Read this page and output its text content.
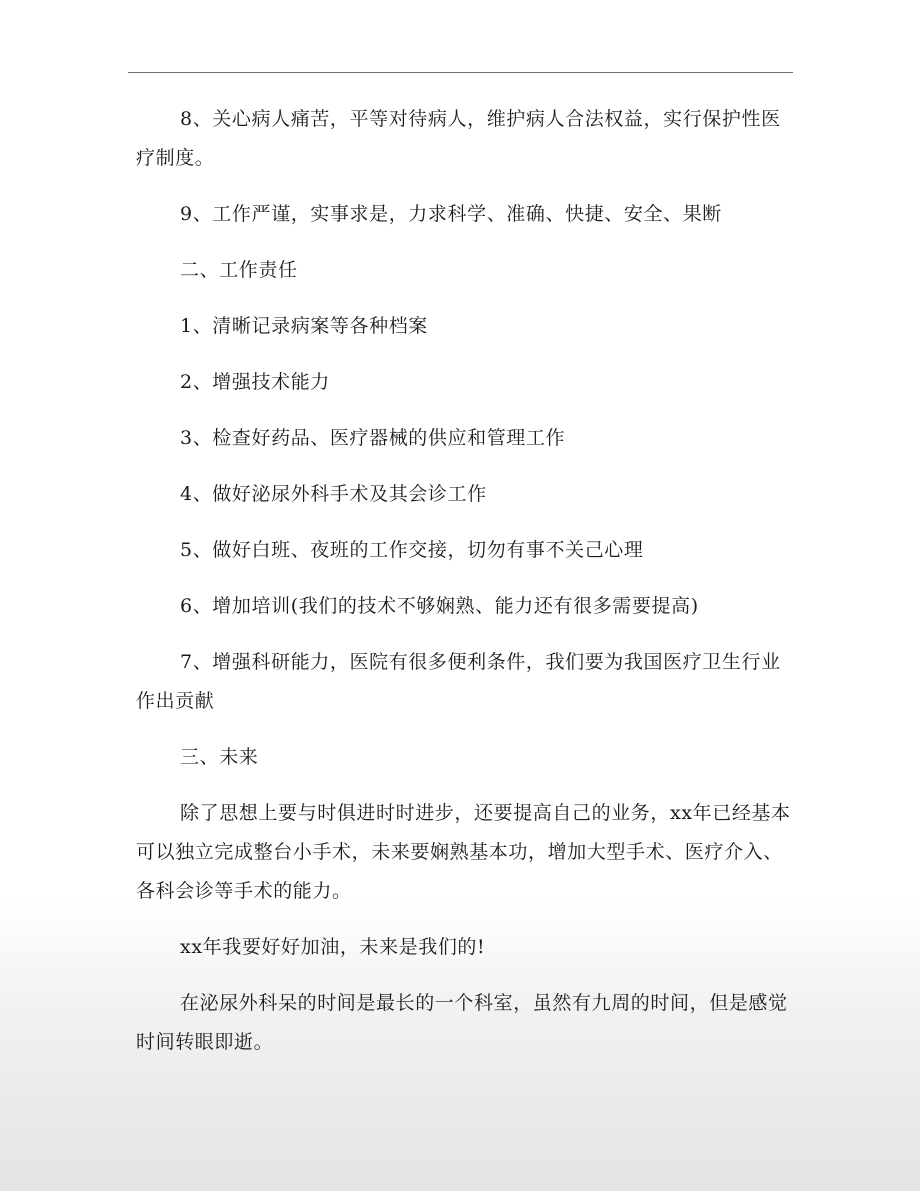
8、关心病人痛苦，平等对待病人，维护病人合法权益，实行保护性医疗制度。

9、工作严谨，实事求是，力求科学、准确、快捷、安全、果断

二、工作责任

1、清晰记录病案等各种档案

2、增强技术能力

3、检查好药品、医疗器械的供应和管理工作

4、做好泌尿外科手术及其会诊工作

5、做好白班、夜班的工作交接，切勿有事不关己心理

6、增加培训(我们的技术不够娴熟、能力还有很多需要提高)

7、增强科研能力，医院有很多便利条件，我们要为我国医疗卫生行业作出贡献

三、未来

除了思想上要与时俱进时时进步，还要提高自己的业务，xx年已经基本可以独立完成整台小手术，未来要娴熟基本功，增加大型手术、医疗介入、各科会诊等手术的能力。

xx年我要好好加油，未来是我们的!

在泌尿外科呆的时间是最长的一个科室，虽然有九周的时间，但是感觉时间转眼即逝。
